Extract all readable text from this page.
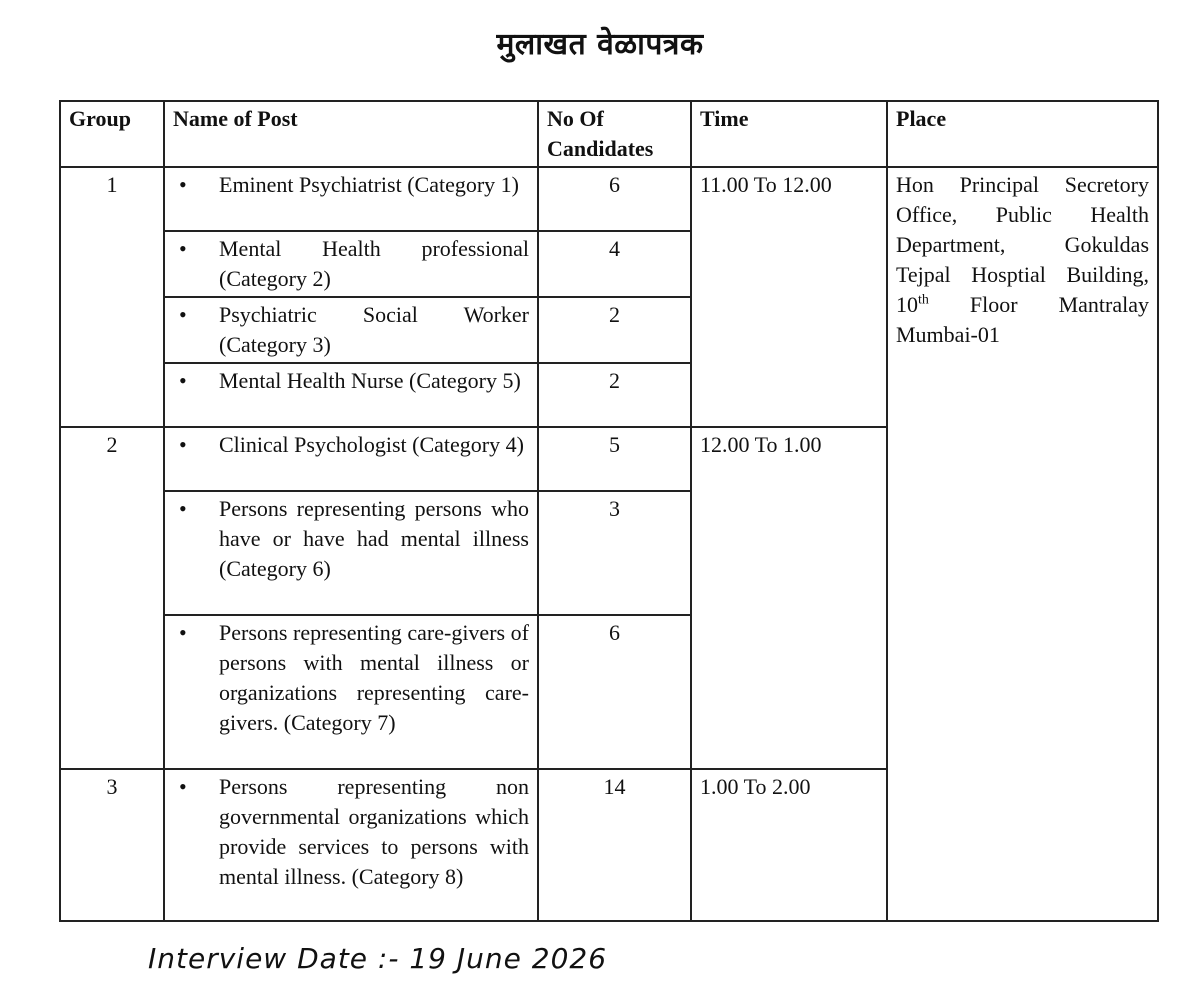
मुलाखत वेळापत्रक
Group	Name of Post	No Of Candidates	Time	Place
1	• Eminent Psychiatrist (Category 1)	6	11.00 To 12.00	Hon Principal Secretory Office, Public Health Department, Gokuldas Tejpal Hosptial Building, 10th Floor Mantralay Mumbai-01

	• Mental Health professional (Category 2)	4		

	• Psychiatric Social Worker (Category 3)	2		

	• Mental Health Nurse (Category 5)	2		
2	• Clinical Psychologist (Category 4)	5	12.00 To 1.00	

	• Persons representing persons who have or have had mental illness (Category 6)	3		

	• Persons representing care-givers of persons with mental illness or organizations representing care-givers. (Category 7)	6		
3	• Persons representing non governmental organizations which provide services to persons with mental illness. (Category 8)	14	1.00 To 2.00	
Interview Date :- 19 June 2026
